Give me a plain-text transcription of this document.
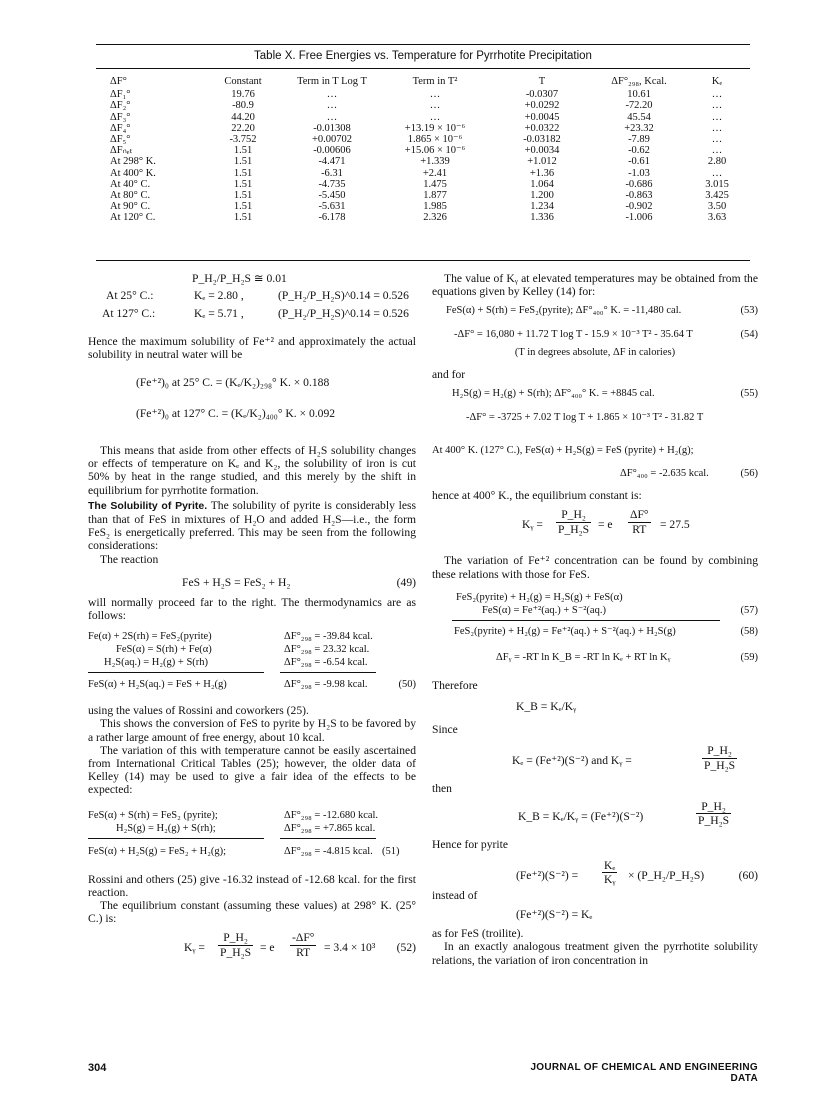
Table X. Free Energies vs. Temperature for Pyrrhotite Precipitation
ΔF°	Constant	Term in T Log T	Term in T²	T	ΔF°₂₉₈, Kcal.	Kₑ
ΔF₁°	19.76	…	…	-0.0307	10.61	…
ΔF₂°	-80.9	…	…	+0.0292	-72.20	…
ΔF₃°	44.20	…	…	+0.0045	45.54	…
ΔF₄°	22.20	-0.01308	+13.19 × 10⁻⁶	+0.0322	+23.32	…
ΔF₅°	-3.752	+0.00702	1.865 × 10⁻⁶	-0.03182	-7.89	…
ΔFₙₑₜ	1.51	-0.00606	+15.06 × 10⁻⁶	+0.0034	-0.62	…
At 298° K.	1.51	-4.471	+1.339	+1.012	-0.61	2.80
At 400° K.	1.51	-6.31	+2.41	+1.36	-1.03	…
At 40° C.	1.51	-4.735	1.475	1.064	-0.686	3.015
At 80° C.	1.51	-5.450	1.877	1.200	-0.863	3.425
At 90° C.	1.51	-5.631	1.985	1.234	-0.902	3.50
At 120° C.	1.51	-6.178	2.326	1.336	-1.006	3.63
P_H₂/P_H₂S ≅ 0.01
At 25° C.:	Kₑ = 2.80 ,	(P_H₂/P_H₂S)^0.14 = 0.526
At 127° C.:	Kₑ = 5.71 ,	(P_H₂/P_H₂S)^0.14 = 0.526

Hence the maximum solubility of Fe⁺² and approximately the actual solubility in neutral water will be

(Fe⁺²)₀ at 25° C. = (Kₑ/K₂)₂₉₈° K. × 0.188
(Fe⁺²)₀ at 127° C. = (Kₑ/K₂)₄₀₀° K. × 0.092

This means that aside from other effects of H₂S solubility changes or effects of temperature on Kₑ and K₂, the solubility of iron is cut 50% by heat in the range studied, and this merely by the shift in equilibrium for pyrrhotite formation.

The Solubility of Pyrite. The solubility of pyrite is considerably less than that of FeS in mixtures of H₂O and added H₂S—i.e., the form FeS₂ is energetically preferred. This may be seen from the following considerations:

The reaction

FeS + H₂S = FeS₂ + H₂	(49)

will normally proceed far to the right. The thermodynamics are as follows:

Fe(α) + 2S(rh) = FeS₂(pyrite)	ΔF°₂₉₈ = -39.84 kcal.
FeS(α) = S(rh) + Fe(α)	ΔF°₂₉₈ = 23.32 kcal.
H₂S(aq.) = H₂(g) + S(rh)	ΔF°₂₉₈ = -6.54 kcal.
FeS(α) + H₂S(aq.) = FeS + H₂(g)	ΔF°₂₉₈ = -9.98 kcal.	(50)

using the values of Rossini and coworkers (25).

This shows the conversion of FeS to pyrite by H₂S to be favored by a rather large amount of free energy, about 10 kcal.

The variation of this with temperature cannot be easily ascertained from International Critical Tables (25); however, the older data of Kelley (14) may be used to give a fair idea of the effects to be expected:

FeS(α) + S(rh) = FeS₂ (pyrite);	ΔF°₂₉₈ = -12.680 kcal.
H₂S(g) = H₂(g) + S(rh);	ΔF°₂₉₈ = +7.865 kcal.
FeS(α) + H₂S(g) = FeS₂ + H₂(g);	ΔF°₂₉₈ = -4.815 kcal. (51)

Rossini and others (25) give -16.32 instead of -12.68 kcal. for the first reaction.

The equilibrium constant (assuming these values) at 298° K. (25° C.) is:

Kᵧ = $\frac{\text{P\_H₂}}{\text{P\_H₂S}} = e \frac{-\Delta F^\circ}{RT} = 3.4 \times 10^3$ (52)

The value of Kᵧ at elevated temperatures may be obtained from the equations given by Kelley (14) for:

FeS(α) + S(rh) = FeS₂(pyrite); ΔF°₄₀₀° K. = -11,480 cal.	(53)
-ΔF° = 16,080 + 11.72 T log T - 15.9 × 10⁻³ T² - 35.64 T	(54)
(T in degrees absolute, ΔF in calories)
and for
H₂S(g) = H₂(g) + S(rh); ΔF°₄₀₀° K. = +8845 cal.	(55)
-ΔF° = -3725 + 7.02 T log T + 1.865 × 10⁻³ T² - 31.82 T
At 400° K. (127° C.), FeS(α) + H₂S(g) = FeS (pyrite) + H₂(g);
ΔF°₄₀₀ = -2.635 kcal.	(56)
hence at 400° K., the equilibrium constant is:
Kᵧ = $\frac{\text{P\_H₂}}{\text{P\_H₂S}} = e \frac{\Delta F^\circ}{RT} = 27.5$

The variation of Fe⁺² concentration can be found by combining these relations with those for FeS.

FeS₂(pyrite) + H₂(g) = H₂S(g) + FeS(α)
FeS(α) = Fe⁺²(aq.) + S⁻²(aq.)	(57)
FeS₂(pyrite) + H₂(g) = Fe⁺²(aq.) + S⁻²(aq.) + H₂S(g)	(58)
ΔFᵧ = -RT ln K_B = -RT ln Kₑ + RT ln Kᵧ	(59)
Therefore
K_B = Kₑ/Kᵧ
Since
Kₑ = (Fe⁺²)(S⁻²) and Kᵧ =	$\frac{\text{P\_H₂}}{\text{P\_H₂S}}$
then
K_B = Kₑ/Kᵧ = (Fe⁺²)(S⁻²)	$\frac{\text{P\_H₂}}{\text{P\_H₂S}}$
Hence for pyrite
$(Fe^{+2})(S^{-2}) = \frac{\text{Kₑ}}{\text{Kᵧ}}$ × (P_H₂/P_H₂S)	(60)
instead of
(Fe⁺²)(S⁻²) = Kₑ
as for FeS (troilite).

In an exactly analogous treatment given the pyrrhotite solubility relations, the variation of iron concentration in

304	JOURNAL OF CHEMICAL AND ENGINEERING DATA
